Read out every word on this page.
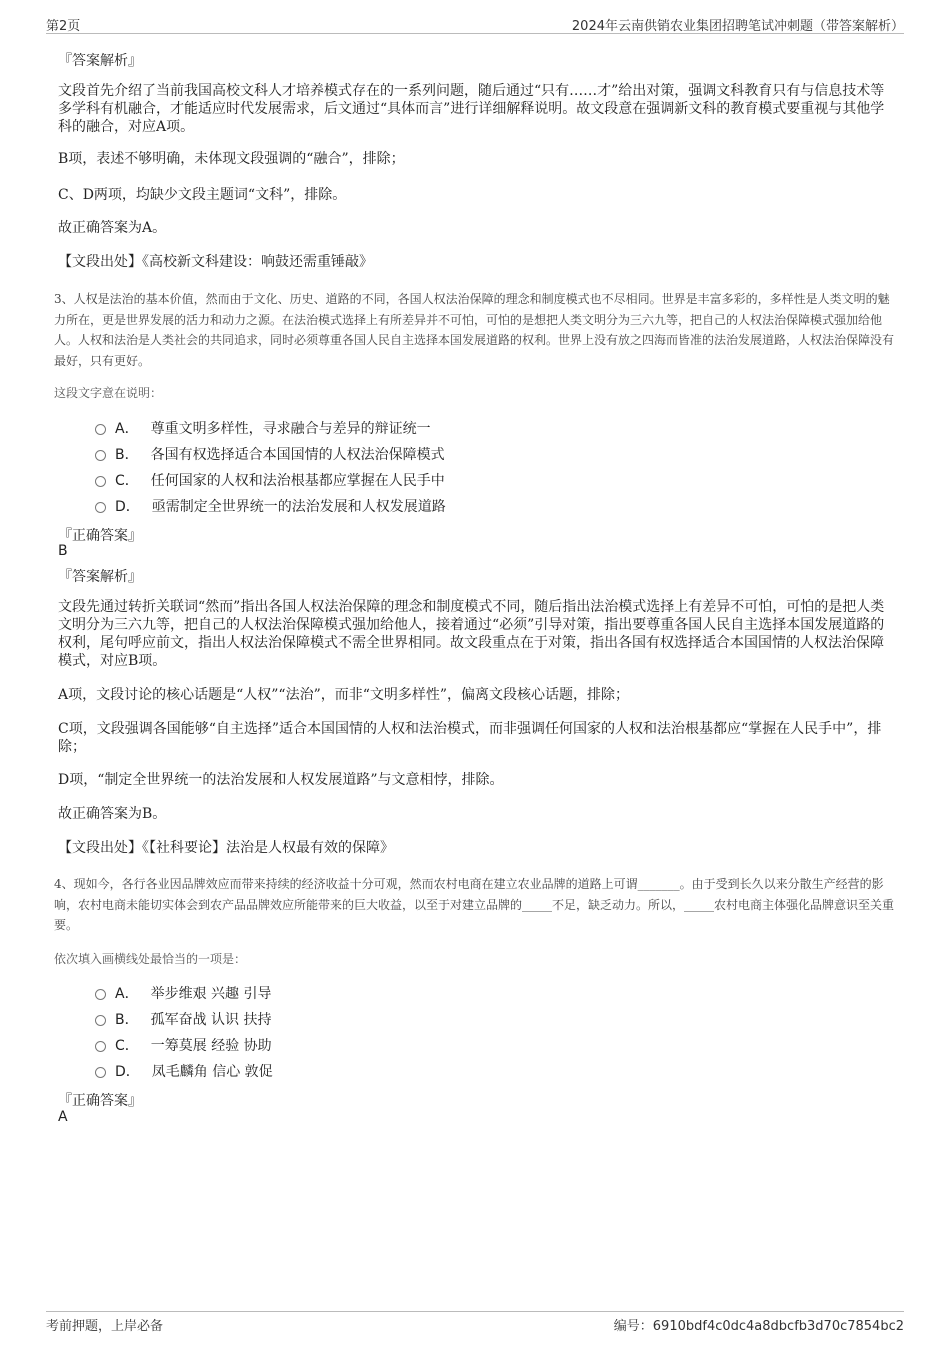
第2页	2024年云南供销农业集团招聘笔试冲刺题（带答案解析）
『答案解析』

文段首先介绍了当前我国高校文科人才培养模式存在的一系列问题，随后通过“只有……才”给出对策，强调文科教育只有与信息技术等多学科有机融合，才能适应时代发展需求，后文通过“具体而言”进行详细解释说明。故文段意在强调新文科的教育模式要重视与其他学科的融合，对应A项。

B项，表述不够明确，未体现文段强调的“融合”，排除；

C、D两项，均缺少文段主题词“文科”，排除。

故正确答案为A。

【文段出处】《高校新文科建设：响鼓还需重锤敲》

3、人权是法治的基本价值，然而由于文化、历史、道路的不同，各国人权法治保障的理念和制度模式也不尽相同。世界是丰富多彩的，多样性是人类文明的魅力所在，更是世界发展的活力和动力之源。在法治模式选择上有所差异并不可怕，可怕的是想把人类文明分为三六九等，把自己的人权法治保障模式强加给他人。人权和法治是人类社会的共同追求，同时必须尊重各国人民自主选择本国发展道路的权利。世界上没有放之四海而皆准的法治发展道路，人权法治保障没有最好，只有更好。

这段文字意在说明：
A． 尊重文明多样性，寻求融合与差异的辩证统一
B． 各国有权选择适合本国国情的人权法治保障模式
C． 任何国家的人权和法治根基都应掌握在人民手中
D． 亟需制定全世界统一的法治发展和人权发展道路
『正确答案』
B
『答案解析』

文段先通过转折关联词“然而”指出各国人权法治保障的理念和制度模式不同，随后指出法治模式选择上有差异不可怕，可怕的是把人类文明分为三六九等，把自己的人权法治保障模式强加给他人，接着通过“必须”引导对策，指出要尊重各国人民自主选择本国发展道路的权利，尾句呼应前文，指出人权法治保障模式不需全世界相同。故文段重点在于对策，指出各国有权选择适合本国国情的人权法治保障模式，对应B项。

A项，文段讨论的核心话题是“人权”“法治”，而非“文明多样性”，偏离文段核心话题，排除；

C项，文段强调各国能够“自主选择”适合本国国情的人权和法治模式，而非强调任何国家的人权和法治根基都应“掌握在人民手中”，排除；

D项，“制定全世界统一的法治发展和人权发展道路”与文意相悖，排除。

故正确答案为B。

【文段出处】《【社科要论】法治是人权最有效的保障》

4、现如今，各行各业因品牌效应而带来持续的经济收益十分可观，然而农村电商在建立农业品牌的道路上可谓_______。由于受到长久以来分散生产经营的影响，农村电商未能切实体会到农产品品牌效应所能带来的巨大收益，以至于对建立品牌的_____不足，缺乏动力。所以，_____农村电商主体强化品牌意识至关重要。

依次填入画横线处最恰当的一项是：
A． 举步维艰 兴趣 引导
B． 孤军奋战 认识 扶持
C． 一筹莫展 经验 协助
D． 凤毛麟角 信心 敦促
『正确答案』
A
考前押题，上岸必备	编号：6910bdf4c0dc4a8dbcfb3d70c7854bc2
